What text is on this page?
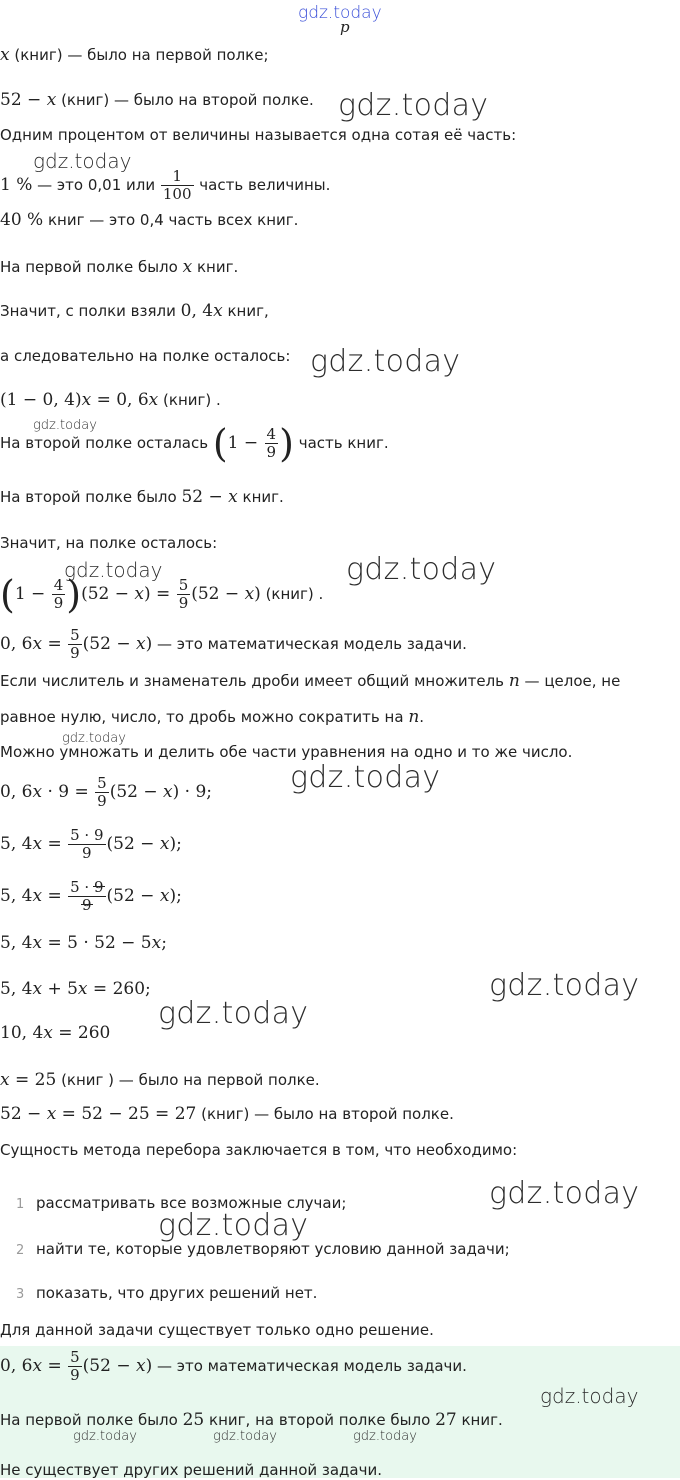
gdz.today
p
gdz.today
gdz.today
gdz.today
gdz.today
gdz.today	gdz.today
gdz.today
gdz.today
gdz.today
gdz.today
gdz.today
gdz.today
x (книг) — было на первой полке;
52 − x (книг) — было на второй полке.
Одним процентом от величины называется одна сотая её часть:
1 % — это 0,01 или $\frac{1}{100}$ часть величины.
40 % книг — это 0,4 часть всех книг.
На первой полке было x книг.
Значит, с полки взяли 0, 4x книг,
а следовательно на полке осталось:
(1 − 0, 4)x = 0, 6x (книг) .
На второй полке осталась ($1 - \frac{4}{9}$ ) часть книг.
На второй полке было 52 − x книг.
Значит, на полке осталось:
$(1 - \frac{4}{9} )(52 - x) = \frac{5}{9} (52 - x)$ (книг) .
0, $6x = \frac{5}{9} (52 - x)$ — это математическая модель задачи.
Если числитель и знаменатель дроби имеет общий множитель n — целое, не
равное нулю, число, то дробь можно сократить на n.
Можно умножать и делить обе части уравнения на одно и то же число.
0, $6x \cdot 9 = \frac{5}{9} (52 - x) \cdot 9$;
5, $4x = \frac{5 \cdot 9}{9} (52 - x)$;
5, $4x = \frac{5 \cdot 9}{9} (52 - x)$;
5, 4x = 5 · 52 − 5x;
5, 4x + 5x = 260;
10, 4x = 260
x = 25 (книг ) — было на первой полке.
52 − x = 52 − 25 = 27 (книг) — было на второй полке.
Сущность метода перебора заключается в том, что необходимо:
1 рассматривать все возможные случаи;
2 найти те, которые удовлетворяют условию данной задачи;
3 показать, что других решений нет.
Для данной задачи существует только одно решение.
0, $6x = \frac{5}{9} (52 - x)$ — это математическая модель задачи.
gdz.today
На первой полке было 25 книг, на второй полке было 27 книг.
gdz.today	gdz.today	gdz.today
Не существует других решений данной задачи.
